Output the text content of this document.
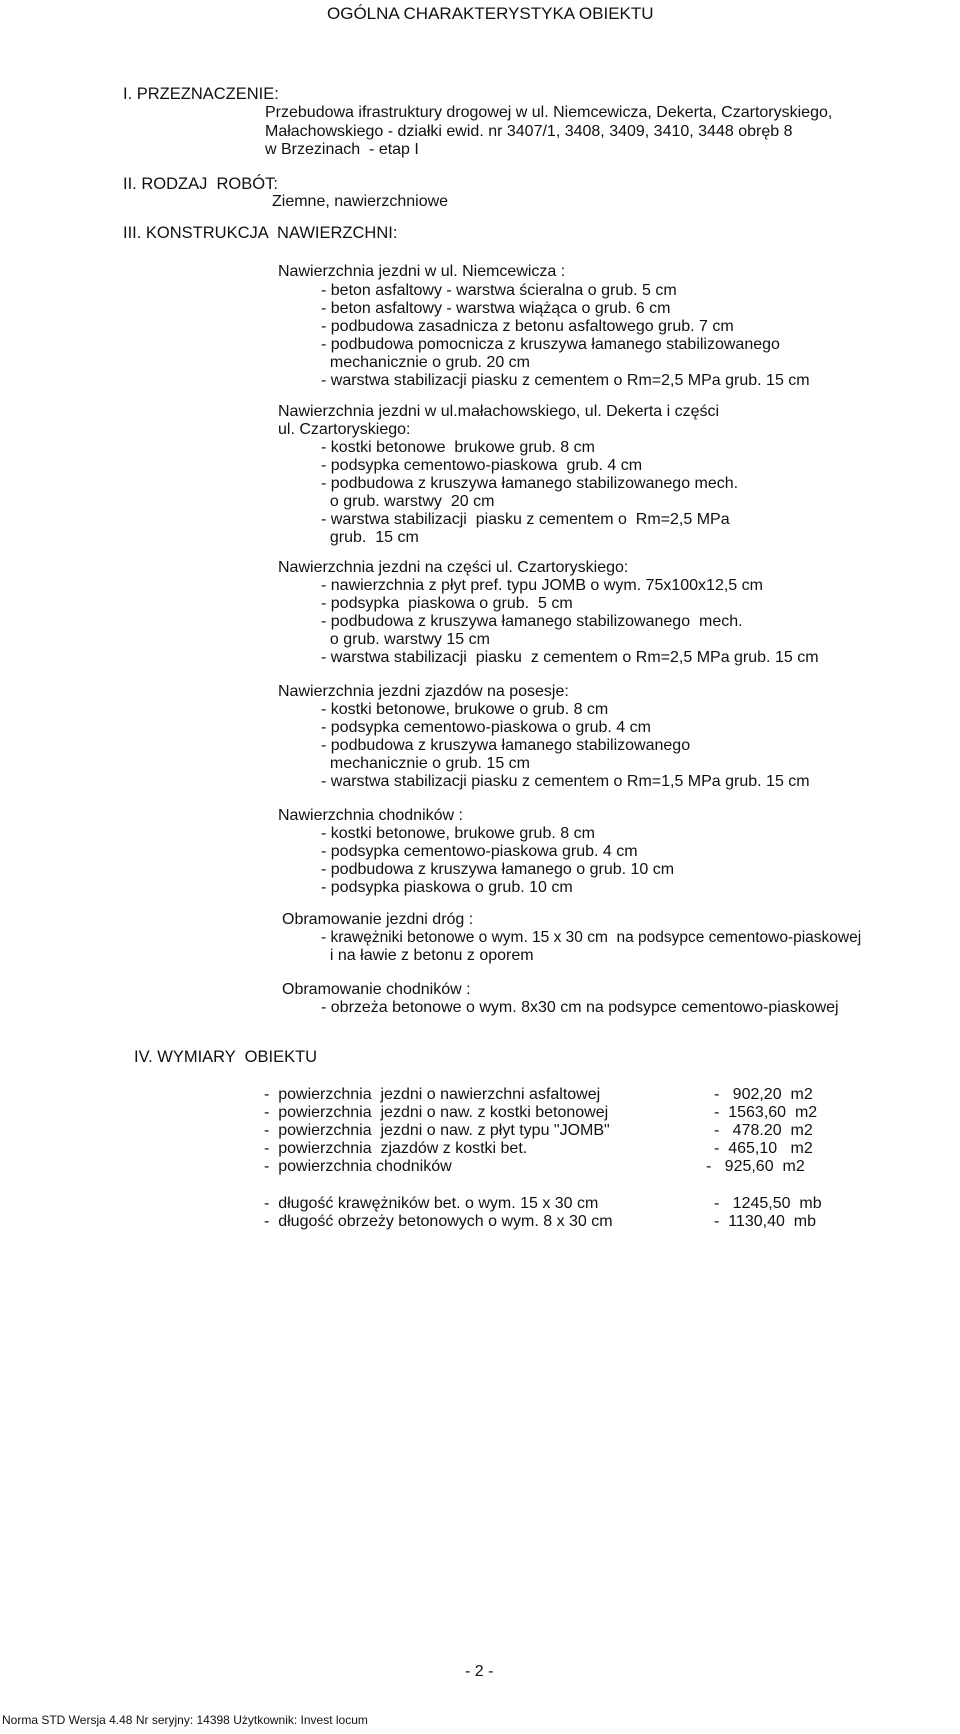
OGÓLNA CHARAKTERYSTYKA OBIEKTU
I. PRZEZNACZENIE:
Przebudowa ifrastruktury drogowej w ul. Niemcewicza, Dekerta, Czartoryskiego,
Małachowskiego - działki ewid. nr 3407/1, 3408, 3409, 3410, 3448 obręb 8
w Brzezinach  - etap I
II. RODZAJ  ROBÓT:
Ziemne, nawierzchniowe
III. KONSTRUKCJA  NAWIERZCHNI:
Nawierzchnia jezdni w ul. Niemcewicza :
- beton asfaltowy - warstwa ścieralna o grub. 5 cm
- beton asfaltowy - warstwa wiążąca o grub. 6 cm
- podbudowa zasadnicza z betonu asfaltowego grub. 7 cm
- podbudowa pomocnicza z kruszywa łamanego stabilizowanego
mechanicznie o grub. 20 cm
- warstwa stabilizacji piasku z cementem o Rm=2,5 MPa grub. 15 cm
Nawierzchnia jezdni w ul.małachowskiego, ul. Dekerta i części
ul. Czartoryskiego:
- kostki betonowe  brukowe grub. 8 cm
- podsypka cementowo-piaskowa  grub. 4 cm
- podbudowa z kruszywa łamanego stabilizowanego mech.
o grub. warstwy  20 cm
- warstwa stabilizacji  piasku z cementem o  Rm=2,5 MPa
grub.  15 cm
Nawierzchnia jezdni na części ul. Czartoryskiego:
- nawierzchnia z płyt pref. typu JOMB o wym. 75x100x12,5 cm
- podsypka  piaskowa o grub.  5 cm
- podbudowa z kruszywa łamanego stabilizowanego  mech.
o grub. warstwy 15 cm
- warstwa stabilizacji  piasku  z cementem o Rm=2,5 MPa grub. 15 cm
Nawierzchnia jezdni zjazdów na posesje:
- kostki betonowe, brukowe o grub. 8 cm
- podsypka cementowo-piaskowa o grub. 4 cm
- podbudowa z kruszywa łamanego stabilizowanego
mechanicznie o grub. 15 cm
- warstwa stabilizacji piasku z cementem o Rm=1,5 MPa grub. 15 cm
Nawierzchnia chodników :
- kostki betonowe, brukowe grub. 8 cm
- podsypka cementowo-piaskowa grub. 4 cm
- podbudowa z kruszywa łamanego o grub. 10 cm
- podsypka piaskowa o grub. 10 cm
Obramowanie jezdni dróg :
- krawężniki betonowe o wym. 15 x 30 cm  na podsypce cementowo-piaskowej
i na ławie z betonu z oporem
Obramowanie chodników :
- obrzeża betonowe o wym. 8x30 cm na podsypce cementowo-piaskowej
IV. WYMIARY  OBIEKTU
-  powierzchnia  jezdni o nawierzchni asfaltowej	-   902,20  m2
-  powierzchnia  jezdni o naw. z kostki betonowej	-  1563,60  m2
-  powierzchnia  jezdni o naw. z płyt typu "JOMB"	-   478.20  m2
-  powierzchnia  zjazdów z kostki bet.	-  465,10   m2
-  powierzchnia chodników	-   925,60  m2
-  długość krawężników bet. o wym. 15 x 30 cm	-   1245,50  mb
-  długość obrzeży betonowych o wym. 8 x 30 cm	-  1130,40  mb
- 2 -
Norma STD Wersja 4.48 Nr seryjny: 14398 Użytkownik: Invest locum
